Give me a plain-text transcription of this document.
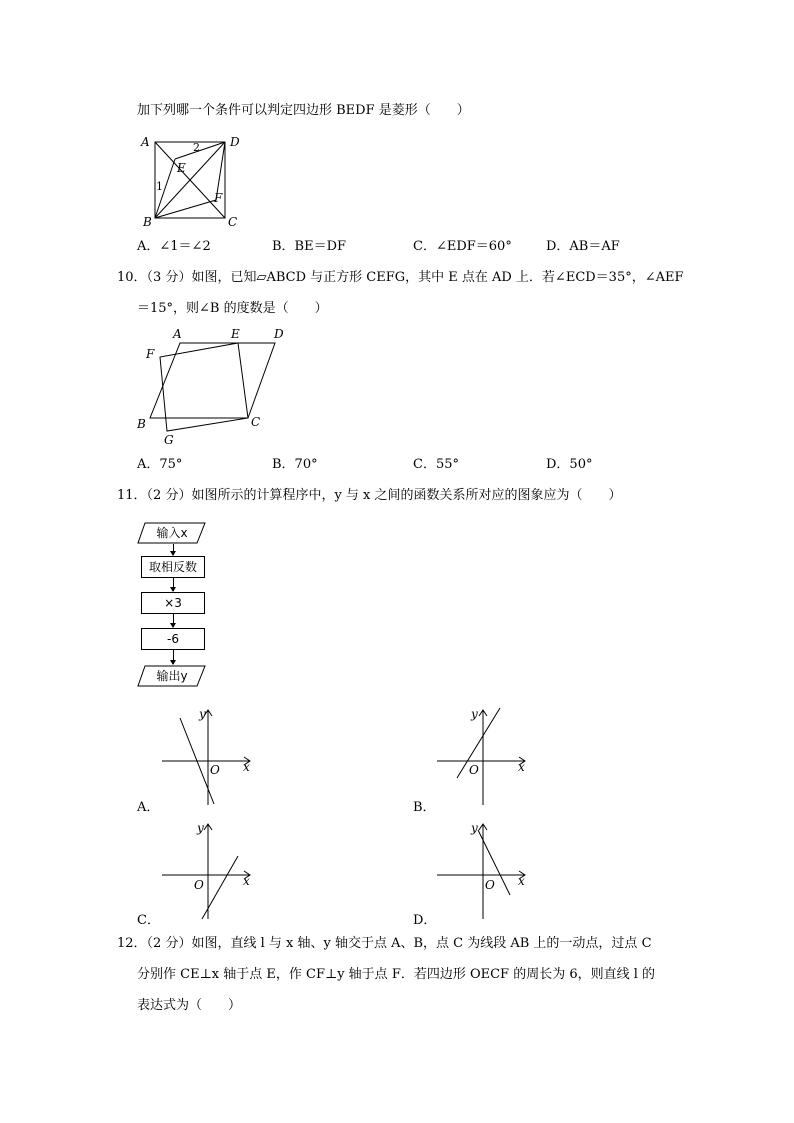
加下列哪一个条件可以判定四边形 BEDF 是菱形（　　）
A	D
E
B	C
F
1
2
A．∠1＝∠2	B．BE＝DF	C．∠EDF＝60°	D．AB＝AF
10．（3 分）如图，已知▱ABCD 与正方形 CEFG，其中 E 点在 AD 上．若∠ECD＝35°，∠AEF
＝15°，则∠B 的度数是（　　）
A	E	D
F
B	C
G
A．75°	B．70°	C．55°	D．50°
11．（2 分）如图所示的计算程序中，y 与 x 之间的函数关系所对应的图象应为（　　）
输入x
取相反数
×3
-6
输出y
y
x
O
A．
y
x
O
B．
y
x
O
C．
y
x
O
D．
12．（2 分）如图，直线 l 与 x 轴、y 轴交于点 A、B，点 C 为线段 AB 上的一动点，过点 C
分别作 CE⊥x 轴于点 E，作 CF⊥y 轴于点 F．若四边形 OECF 的周长为 6，则直线 l 的
表达式为（　　）
